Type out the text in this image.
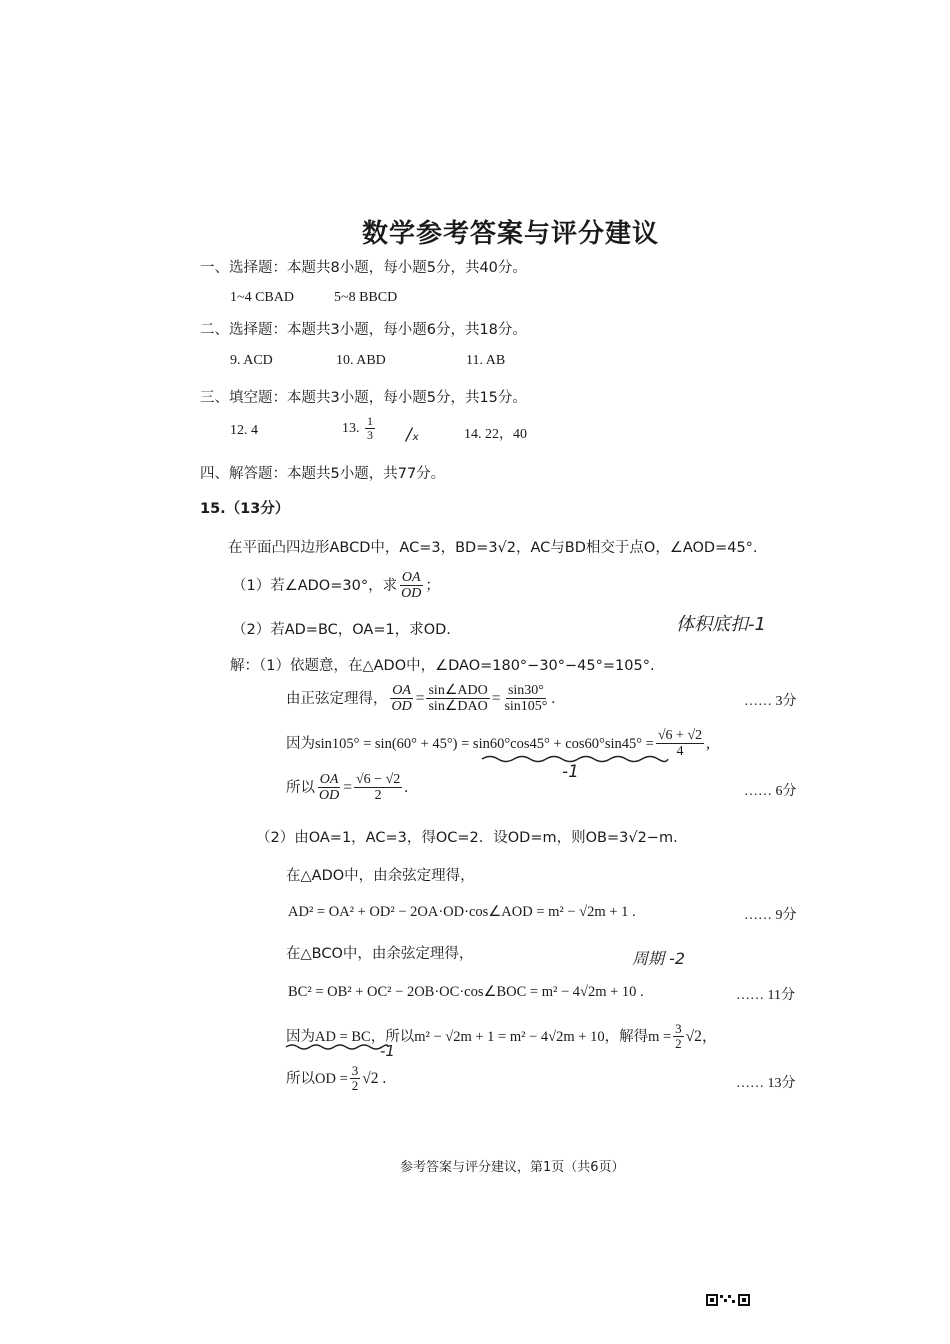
数学参考答案与评分建议
一、选择题：本题共8小题，每小题5分，共40分。
1~4 CBAD	5~8 BBCD
二、选择题：本题共3小题，每小题6分，共18分。
9. ACD	10. ABD	11. AB
三、填空题：本题共3小题，每小题5分，共15分。
12. 4	13. $\frac{1}{3} /_x$	14. 22，40
四、解答题：本题共5小题，共77分。
15.（13分）
在平面凸四边形ABCD中，AC=3，BD=3√2，AC与BD相交于点O，∠AOD=45°.
（1）若∠ADO=30°，求 $\frac{OA}{OD}$ ；
（2）若AD=BC，OA=1，求OD.	体积底扣-1
解：（1）依题意，在△ADO中，∠DAO=180°−30°−45°=105°.
由正弦定理得， $\frac{OA}{OD} = \frac{\text{sin∠ADO}}{\text{sin∠DAO}} = \frac{\sin 30^\circ}{\sin 105^\circ}$ .	…… 3分
因为$\sin 105^\circ = \sin(60^\circ + 45^\circ) = \sin 60^\circ\cos 45^\circ + \cos 60^\circ\sin 45^\circ = \frac{√6 + √2}{4}$ ,
-1
所以 $\frac{OA}{OD} = \frac{√6 - √2}{2}$ .	…… 6分
（2）由OA=1，AC=3，得OC=2．设OD=m，则OB=3√2−m．
在△ADO中，由余弦定理得，
AD² = OA² + OD² − 2OA·OD·cos∠AOD = m² − √2m + 1 .	…… 9分
在△BCO中，由余弦定理得，	周期 -2
BC² = OB² + OC² − 2OB·OC·cos∠BOC = m² − 4√2m + 10 .	…… 11分
因为AD = BC，所以m² − √2m + 1 = m² − 4√2m + 10，解得$m = \frac{3}{2} √2$，
-1
所以OD = $\frac{3}{2} √2$ .	…… 13分
参考答案与评分建议，第1页（共6页）
